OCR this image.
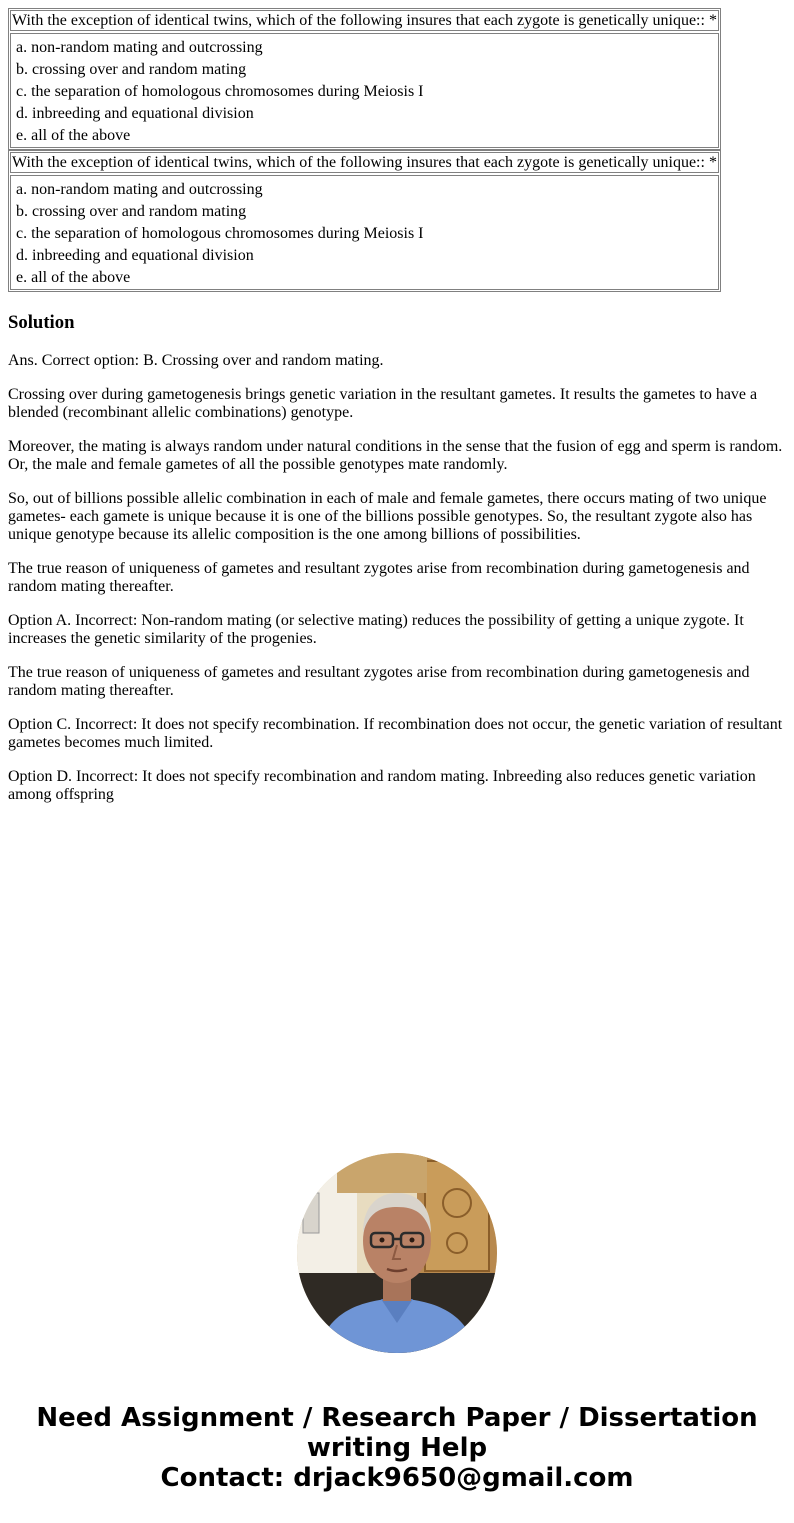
With the exception of identical twins, which of the following insures that each zygote is genetically unique:: *
a. non-random mating and outcrossing
b. crossing over and random mating
c. the separation of homologous chromosomes during Meiosis I
d. inbreeding and equational division
e. all of the above
With the exception of identical twins, which of the following insures that each zygote is genetically unique:: *
a. non-random mating and outcrossing
b. crossing over and random mating
c. the separation of homologous chromosomes during Meiosis I
d. inbreeding and equational division
e. all of the above
Solution

Ans. Correct option: B. Crossing over and random mating.

Crossing over during gametogenesis brings genetic variation in the resultant gametes. It results the gametes to have a blended (recombinant allelic combinations) genotype.

Moreover, the mating is always random under natural conditions in the sense that the fusion of egg and sperm is random. Or, the male and female gametes of all the possible genotypes mate randomly.

So, out of billions possible allelic combination in each of male and female gametes, there occurs mating of two unique gametes- each gamete is unique because it is one of the billions possible genotypes. So, the resultant zygote also has unique genotype because its allelic composition is the one among billions of possibilities.

The true reason of uniqueness of gametes and resultant zygotes arise from recombination during gametogenesis and random mating thereafter.

Option A. Incorrect: Non-random mating (or selective mating) reduces the possibility of getting a unique zygote. It increases the genetic similarity of the progenies.

The true reason of uniqueness of gametes and resultant zygotes arise from recombination during gametogenesis and random mating thereafter.

Option C. Incorrect: It does not specify recombination. If recombination does not occur, the genetic variation of resultant gametes becomes much limited.

Option D. Incorrect: It does not specify recombination and random mating. Inbreeding also reduces genetic variation among offspring

Need Assignment / Research Paper / Dissertation
writing Help
Contact: drjack9650@gmail.com
